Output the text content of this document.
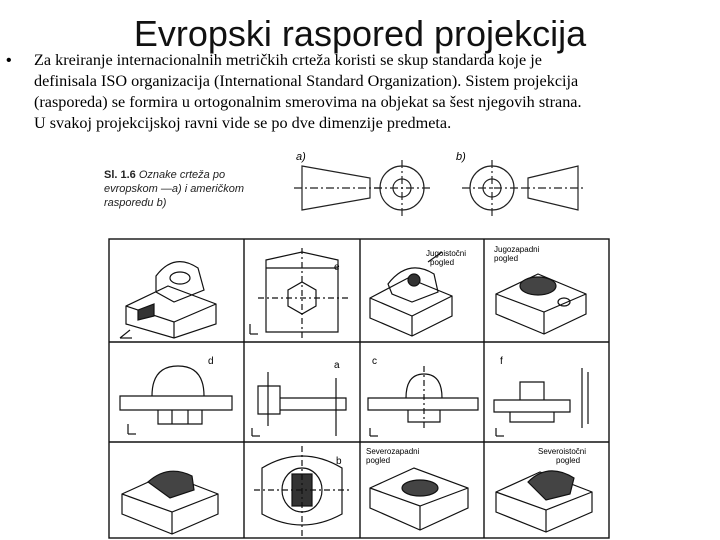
Evropski raspored projekcija
• Za kreiranje internacionalnih metričkih crteža koristi se skup standarda koje je
definisala ISO organizacija (International Standard Organization). Sistem projekcija
(rasporeda) se formira u ortogonalnim smerovima na objekat sa šest njegovih strana.
U svakoj projekcijskoj ravni vide se po dve dimenzije predmeta.
Sl. 1.6 Oznake crteža po
evropskom —a) i američkom
rasporedu b)
a)	b)
e
Jugoistočni
pogled
Jugozapadni
pogled
d	a	c	f
b
Severozapadni
pogled
Severoistočni
pogled
